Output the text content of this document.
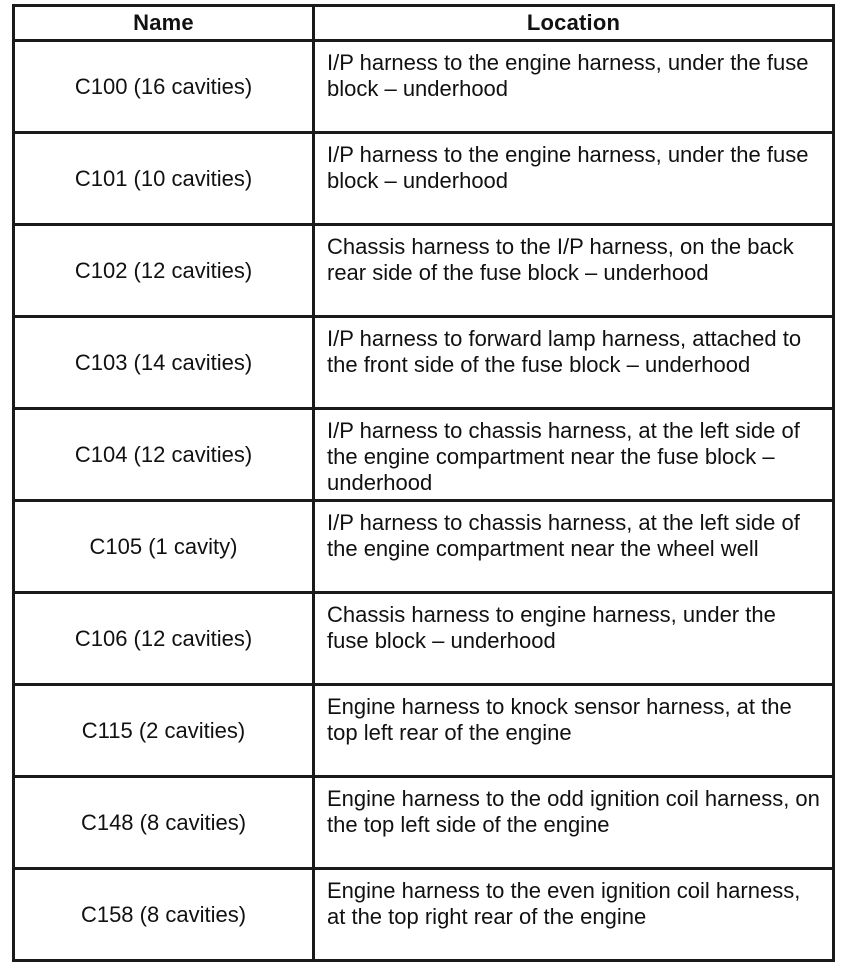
Name	Location
C100 (16 cavities)	I/P harness to the engine harness, under the fuse block – underhood

C101 (10 cavities)	I/P harness to the engine harness, under the fuse block – underhood

C102 (12 cavities)	Chassis harness to the I/P harness, on the back rear side of the fuse block – underhood

C103 (14 cavities)	I/P harness to forward lamp harness, attached to the front side of the fuse block – underhood

C104 (12 cavities)	I/P harness to chassis harness, at the left side of the engine compartment near the fuse block – underhood

C105 (1 cavity)	I/P harness to chassis harness, at the left side of the engine compartment near the wheel well

C106 (12 cavities)	Chassis harness to engine harness, under the fuse block – underhood

C115 (2 cavities)	Engine harness to knock sensor harness, at the top left rear of the engine

C148 (8 cavities)	Engine harness to the odd ignition coil harness, on the top left side of the engine

C158 (8 cavities)	Engine harness to the even ignition coil harness, at the top right rear of the engine
